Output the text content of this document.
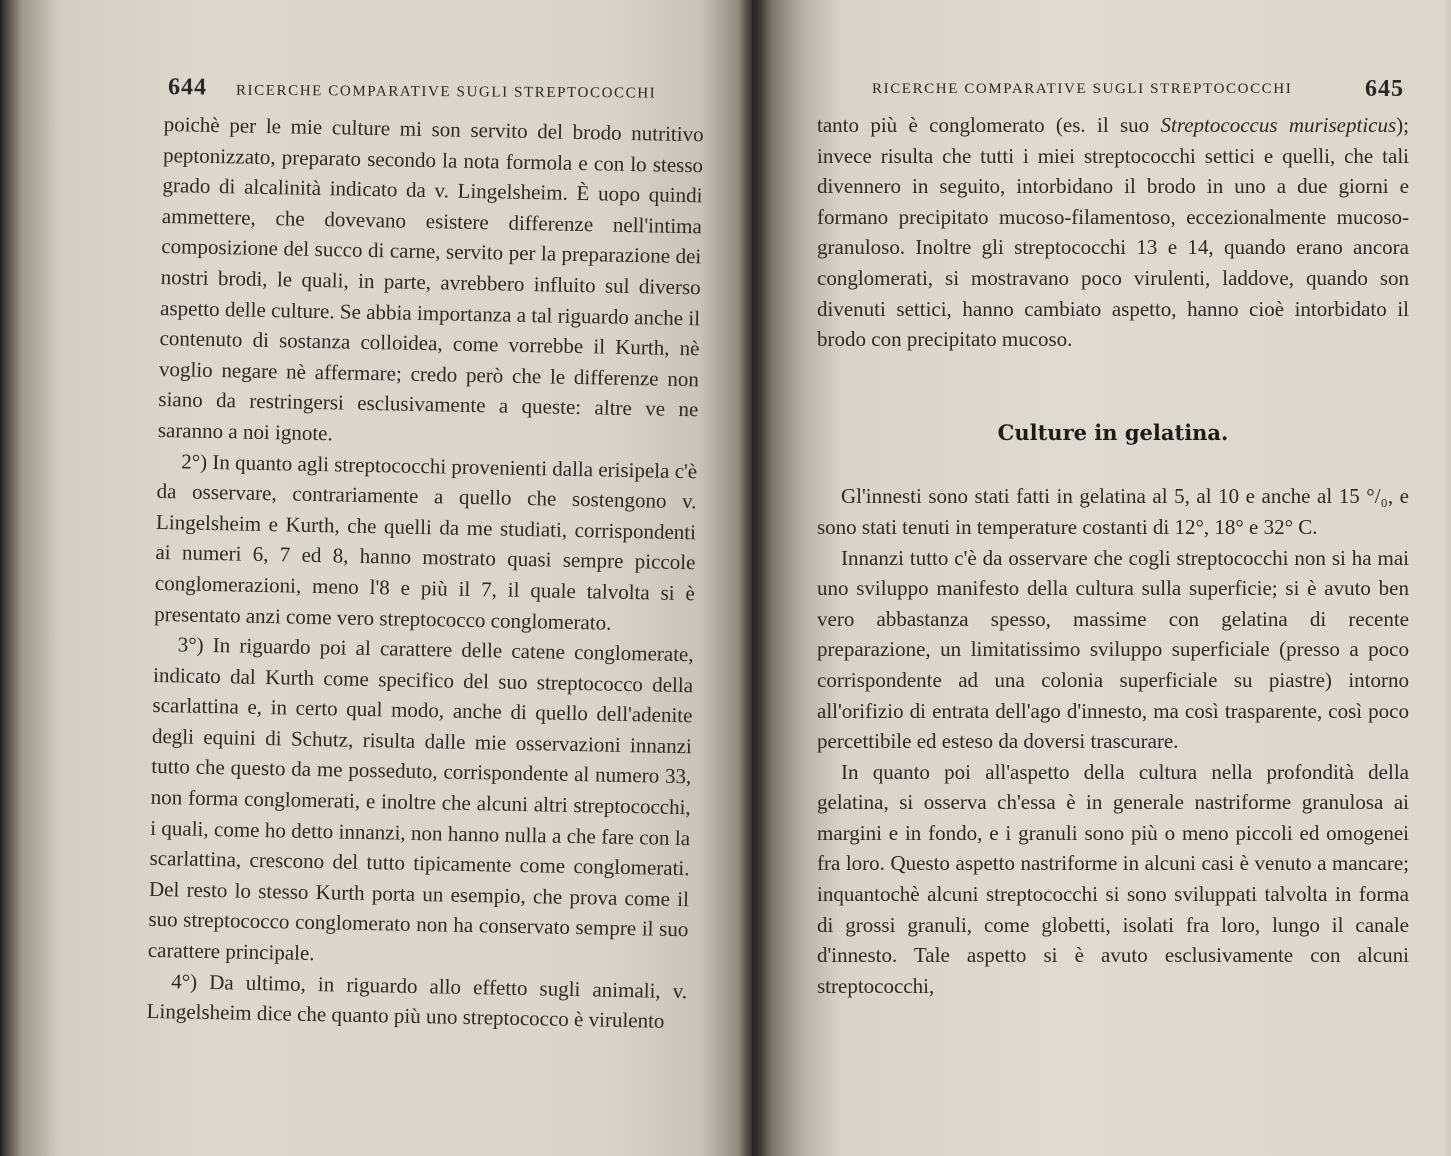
644 RICERCHE COMPARATIVE SUGLI STREPTOCOCCHI

poichè per le mie culture mi son servito del brodo nutritivo peptonizzato, preparato secondo la nota formola e con lo stesso grado di alcalinità indicato da v. Lingelsheim. È uopo quindi ammettere, che dovevano esistere differenze nell'intima composizione del succo di carne, servito per la preparazione dei nostri brodi, le quali, in parte, avrebbero influito sul diverso aspetto delle culture. Se abbia importanza a tal riguardo anche il contenuto di sostanza colloidea, come vorrebbe il Kurth, nè voglio negare nè affermare; credo però che le differenze non siano da restringersi esclusivamente a queste: altre ve ne saranno a noi ignote.

2°) In quanto agli streptococchi provenienti dalla erisipela c'è da osservare, contrariamente a quello che sostengono v. Lingelsheim e Kurth, che quelli da me studiati, corrispondenti ai numeri 6, 7 ed 8, hanno mostrato quasi sempre piccole conglomerazioni, meno l'8 e più il 7, il quale talvolta si è presentato anzi come vero streptococco conglomerato.

3°) In riguardo poi al carattere delle catene conglomerate, indicato dal Kurth come specifico del suo streptococco della scarlattina e, in certo qual modo, anche di quello dell'adenite degli equini di Schutz, risulta dalle mie osservazioni innanzi tutto che questo da me posseduto, corrispondente al numero 33, non forma conglomerati, e inoltre che alcuni altri streptococchi, i quali, come ho detto innanzi, non hanno nulla a che fare con la scarlattina, crescono del tutto tipicamente come conglomerati. Del resto lo stesso Kurth porta un esempio, che prova come il suo streptococco conglomerato non ha conservato sempre il suo carattere principale.

4°) Da ultimo, in riguardo allo effetto sugli animali, v. Lingelsheim dice che quanto più uno streptococco è virulento

RICERCHE COMPARATIVE SUGLI STREPTOCOCCHI	645

tanto più è conglomerato (es. il suo Streptococcus murisepticus); invece risulta che tutti i miei streptococchi settici e quelli, che tali divennero in seguito, intorbidano il brodo in uno a due giorni e formano precipitato mucoso-filamentoso, eccezionalmente mucoso-granuloso. Inoltre gli streptococchi 13 e 14, quando erano ancora conglomerati, si mostravano poco virulenti, laddove, quando son divenuti settici, hanno cambiato aspetto, hanno cioè intorbidato il brodo con precipitato mucoso.

Culture in gelatina.

Gl'innesti sono stati fatti in gelatina al 5, al 10 e anche al 15 °/₀, e sono stati tenuti in temperature costanti di 12°, 18° e 32° C.

Innanzi tutto c'è da osservare che cogli streptococchi non si ha mai uno sviluppo manifesto della cultura sulla superficie; si è avuto ben vero abbastanza spesso, massime con gelatina di recente preparazione, un limitatissimo sviluppo superficiale (presso a poco corrispondente ad una colonia superficiale su piastre) intorno all'orifizio di entrata dell'ago d'innesto, ma così trasparente, così poco percettibile ed esteso da doversi trascurare.

In quanto poi all'aspetto della cultura nella profondità della gelatina, si osserva ch'essa è in generale nastriforme granulosa ai margini e in fondo, e i granuli sono più o meno piccoli ed omogenei fra loro. Questo aspetto nastriforme in alcuni casi è venuto a mancare; inquantochè alcuni streptococchi si sono sviluppati talvolta in forma di grossi granuli, come globetti, isolati fra loro, lungo il canale d'innesto. Tale aspetto si è avuto esclusivamente con alcuni streptococchi,
